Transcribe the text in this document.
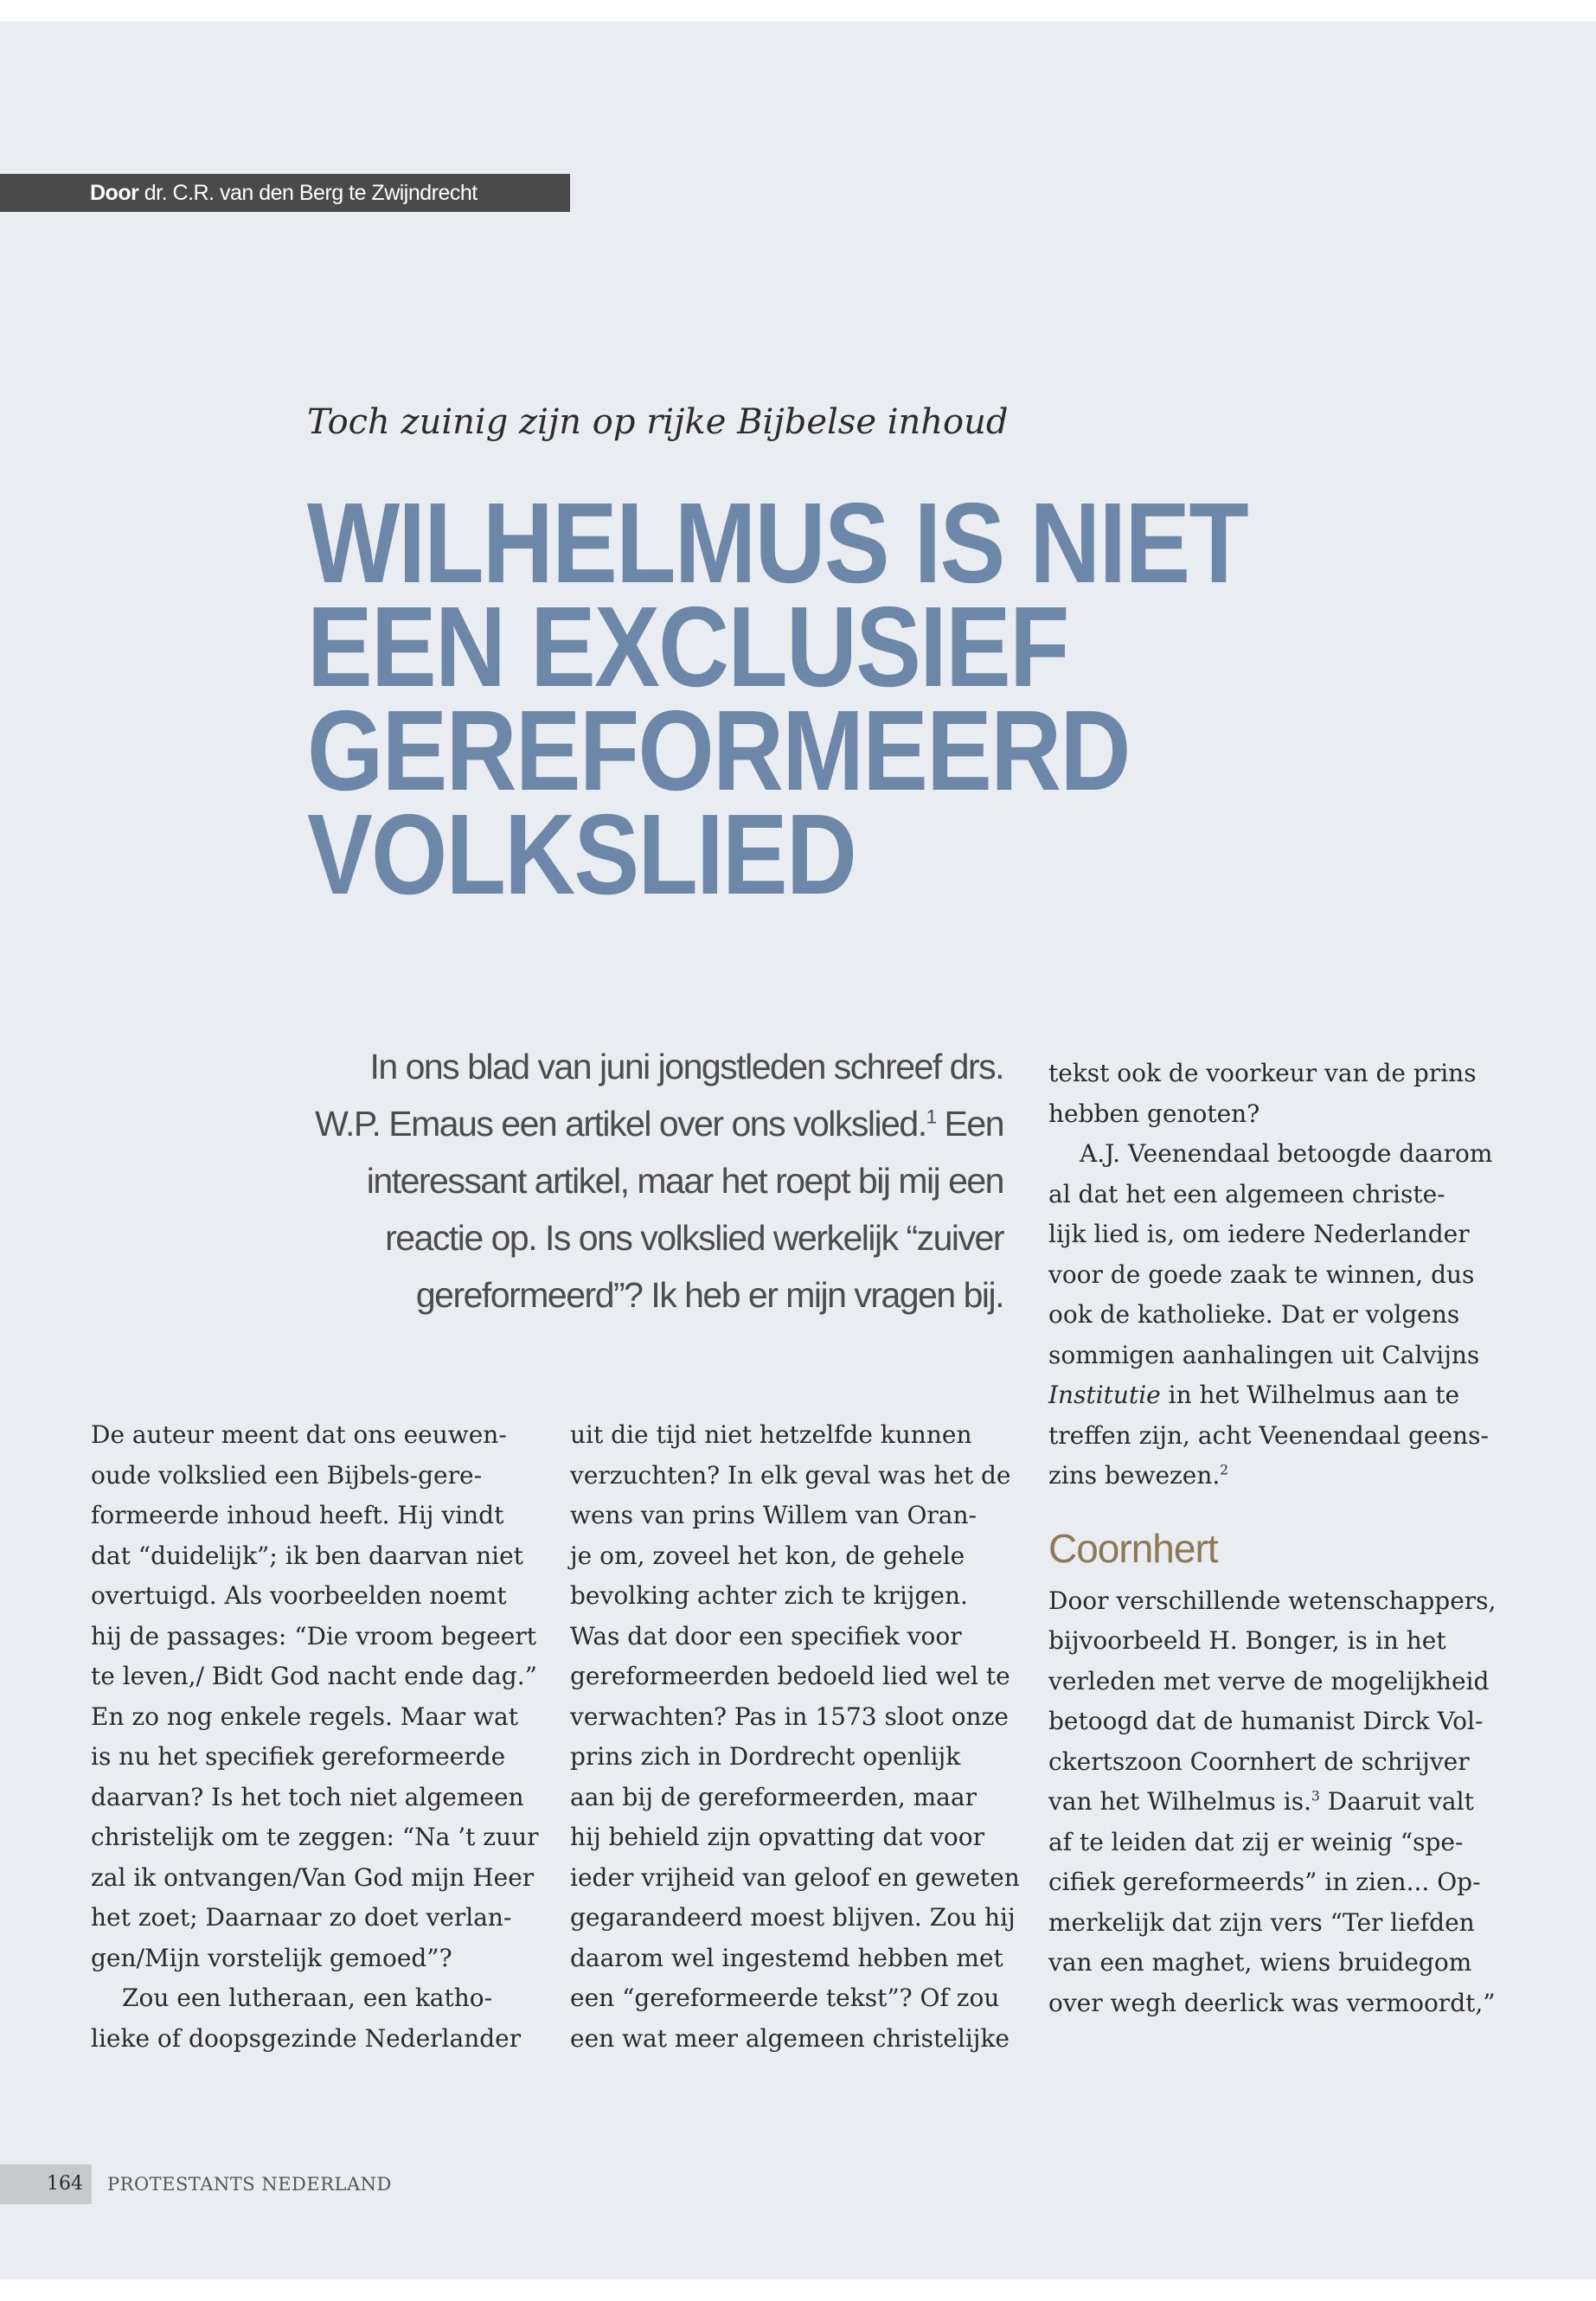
Door dr. C.R. van den Berg te Zwijndrecht
Toch zuinig zijn op rijke Bijbelse inhoud
WILHELMUS IS NIET
EEN EXCLUSIEF
GEREFORMEERD
VOLKSLIED
In ons blad van juni jongstleden schreef drs.
W.P. Emaus een artikel over ons volkslied.$^1$ Een
interessant artikel, maar het roept bij mij een
reactie op. Is ons volkslied werkelijk “zuiver
gereformeerd”? Ik heb er mijn vragen bij.
De auteur meent dat ons eeuwen-
oude volkslied een Bijbels-gere-
formeerde inhoud heeft. Hij vindt
dat “duidelijk”; ik ben daarvan niet
overtuigd. Als voorbeelden noemt
hij de passages: “Die vroom begeert
te leven,/ Bidt God nacht ende dag.”
En zo nog enkele regels. Maar wat
is nu het specifiek gereformeerde
daarvan? Is het toch niet algemeen
christelijk om te zeggen: “Na ’t zuur
zal ik ontvangen/Van God mijn Heer
het zoet; Daarnaar zo doet verlan-
gen/Mijn vorstelijk gemoed”?
Zou een lutheraan, een katho-
lieke of doopsgezinde Nederlander
uit die tijd niet hetzelfde kunnen
verzuchten? In elk geval was het de
wens van prins Willem van Oran-
je om, zoveel het kon, de gehele
bevolking achter zich te krijgen.
Was dat door een specifiek voor
gereformeerden bedoeld lied wel te
verwachten? Pas in 1573 sloot onze
prins zich in Dordrecht openlijk
aan bij de gereformeerden, maar
hij behield zijn opvatting dat voor
ieder vrijheid van geloof en geweten
gegarandeerd moest blijven. Zou hij
daarom wel ingestemd hebben met
een “gereformeerde tekst”? Of zou
een wat meer algemeen christelijke
tekst ook de voorkeur van de prins
hebben genoten?
A.J. Veenendaal betoogde daarom
al dat het een algemeen christe-
lijk lied is, om iedere Nederlander
voor de goede zaak te winnen, dus
ook de katholieke. Dat er volgens
sommigen aanhalingen uit Calvijns
Institutie in het Wilhelmus aan te
treffen zijn, acht Veenendaal geens-
zins bewezen.$^2$
Coornhert
Door verschillende wetenschappers,
bijvoorbeeld H. Bonger, is in het
verleden met verve de mogelijkheid
betoogd dat de humanist Dirck Vol-
ckertszoon Coornhert de schrijver
van het Wilhelmus is.$^3$ Daaruit valt
af te leiden dat zij er weinig “spe-
cifiek gereformeerds” in zien... Op-
merkelijk dat zijn vers “Ter liefden
van een maghet, wiens bruidegom
over wegh deerlick was vermoordt,”
164	PROTESTANTS NEDERLAND
